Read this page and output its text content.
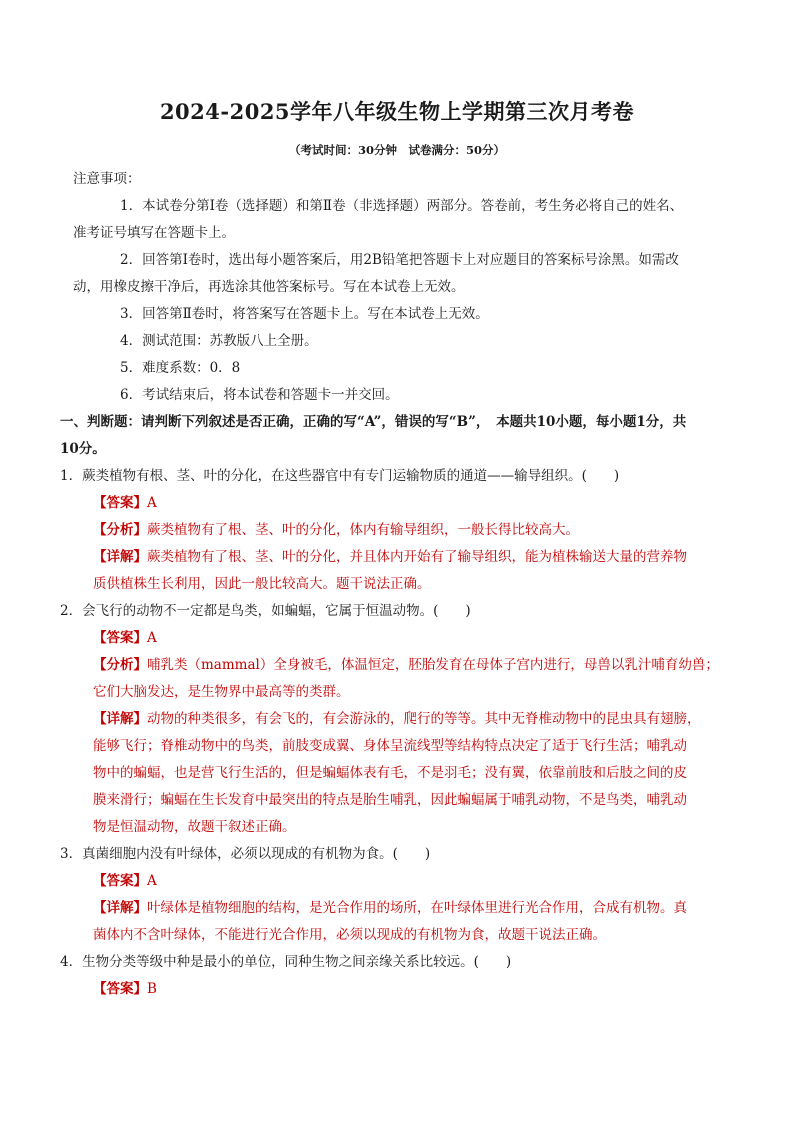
2024-2025学年八年级生物上学期第三次月考卷
（考试时间：30分钟　试卷满分：50分）

注意事项：

1．本试卷分第Ⅰ卷（选择题）和第Ⅱ卷（非选择题）两部分。答卷前，考生务必将自己的姓名、

准考证号填写在答题卡上。

2．回答第Ⅰ卷时，选出每小题答案后，用2B铅笔把答题卡上对应题目的答案标号涂黑。如需改

动，用橡皮擦干净后，再选涂其他答案标号。写在本试卷上无效。

3．回答第Ⅱ卷时，将答案写在答题卡上。写在本试卷上无效。

4．测试范围：苏教版八上全册。

5．难度系数：0．8

6．考试结束后，将本试卷和答题卡一并交回。

一、判断题：请判断下列叙述是否正确，正确的写“A”，错误的写“B”，　本题共10小题，每小题1分，共

10分。

1．蕨类植物有根、茎、叶的分化，在这些器官中有专门运输物质的通道——输导组织。(　　)

【答案】A

【分析】蕨类植物有了根、茎、叶的分化，体内有输导组织，一般长得比较高大。

【详解】蕨类植物有了根、茎、叶的分化，并且体内开始有了输导组织，能为植株输送大量的营养物

质供植株生长利用，因此一般比较高大。题干说法正确。

2．会飞行的动物不一定都是鸟类，如蝙蝠，它属于恒温动物。(　　)

【答案】A

【分析】哺乳类（mammal）全身被毛，体温恒定，胚胎发育在母体子宫内进行，母兽以乳汁哺育幼兽；

它们大脑发达，是生物界中最高等的类群。

【详解】动物的种类很多，有会飞的，有会游泳的，爬行的等等。其中无脊椎动物中的昆虫具有翅膀，

能够飞行；脊椎动物中的鸟类，前肢变成翼、身体呈流线型等结构特点决定了适于飞行生活；哺乳动

物中的蝙蝠，也是营飞行生活的，但是蝙蝠体表有毛，不是羽毛；没有翼，依靠前肢和后肢之间的皮

膜来滑行；蝙蝠在生长发育中最突出的特点是胎生哺乳，因此蝙蝠属于哺乳动物，不是鸟类，哺乳动

物是恒温动物，故题干叙述正确。

3．真菌细胞内没有叶绿体，必须以现成的有机物为食。(　　)

【答案】A

【详解】叶绿体是植物细胞的结构，是光合作用的场所，在叶绿体里进行光合作用，合成有机物。真

菌体内不含叶绿体，不能进行光合作用，必须以现成的有机物为食，故题干说法正确。

4．生物分类等级中种是最小的单位，同种生物之间亲缘关系比较远。(　　)

【答案】B
